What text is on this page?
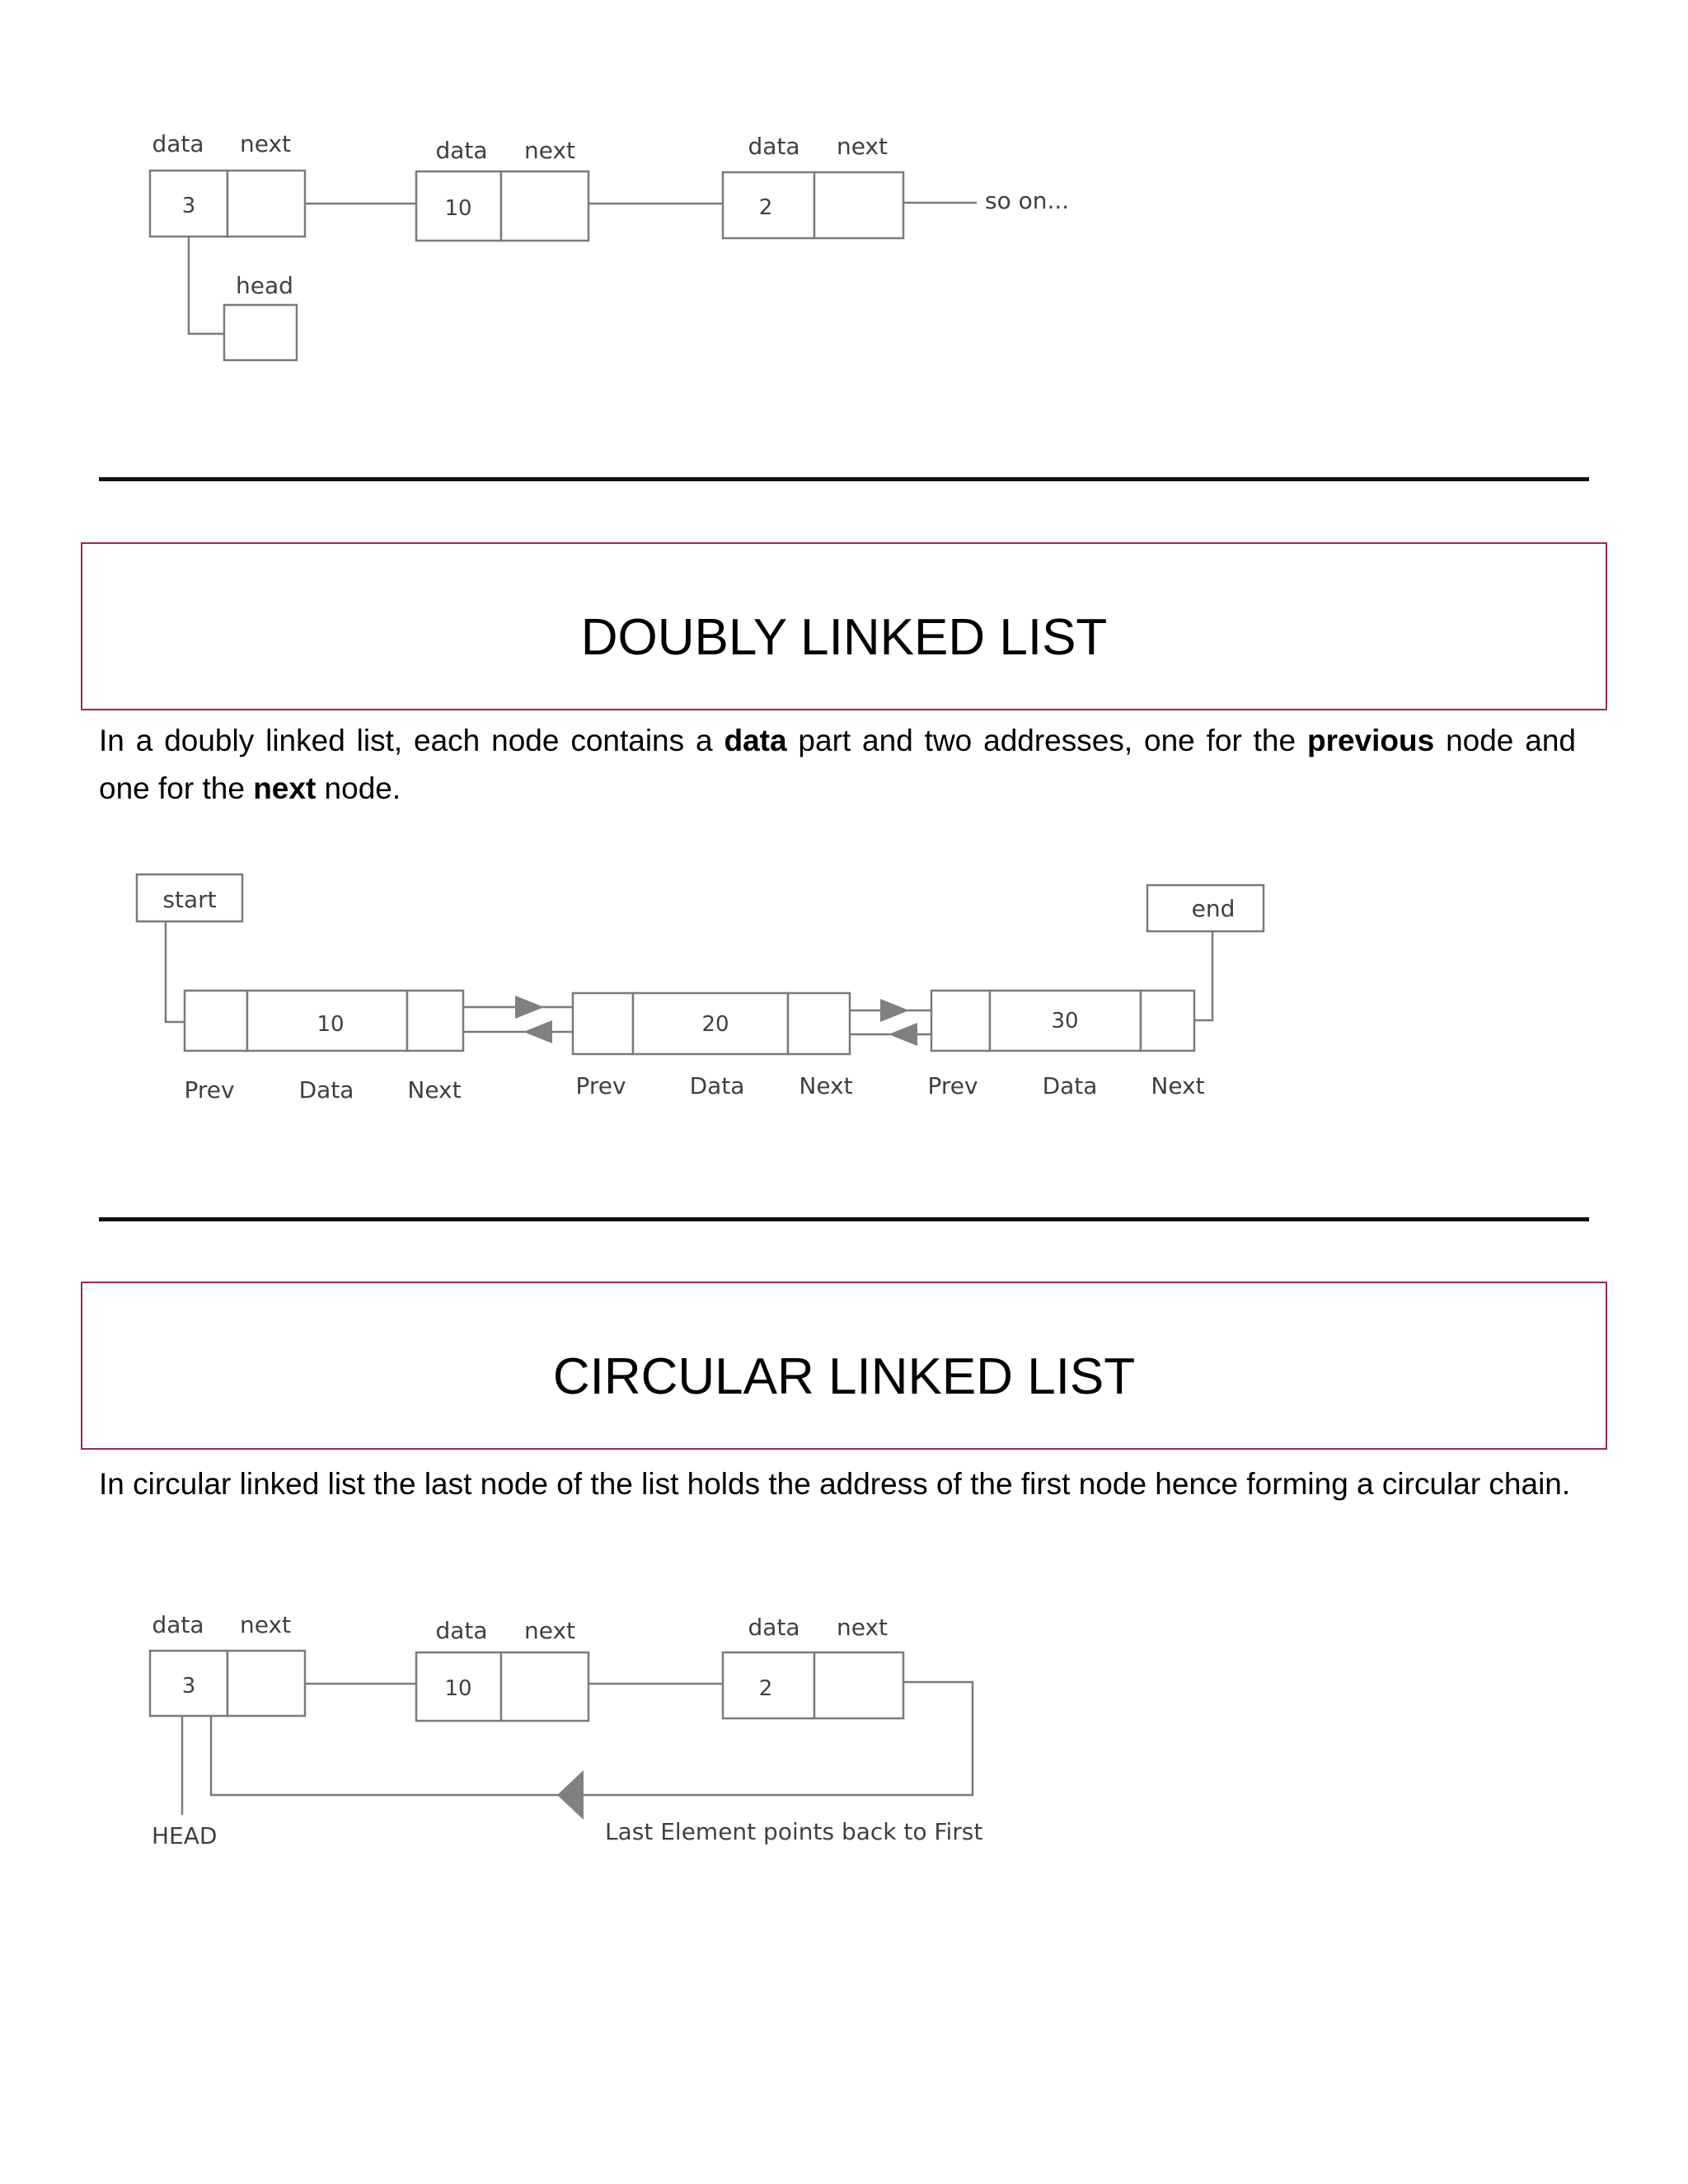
data next
3
data next
10
data next
2	so on...
head
DOUBLY LINKED LIST

In a doubly linked list, each node contains a data part and two addresses, one for the previous node and one for the next node.

start
10
Prev	Data Next
20
Prev	Data Next
30
Prev	Data Next
end
CIRCULAR LINKED LIST

In circular linked list the last node of the list holds the address of the first node hence forming a circular chain.

data next
3
data next
10
data next
2
HEAD	Last Element points back to First
